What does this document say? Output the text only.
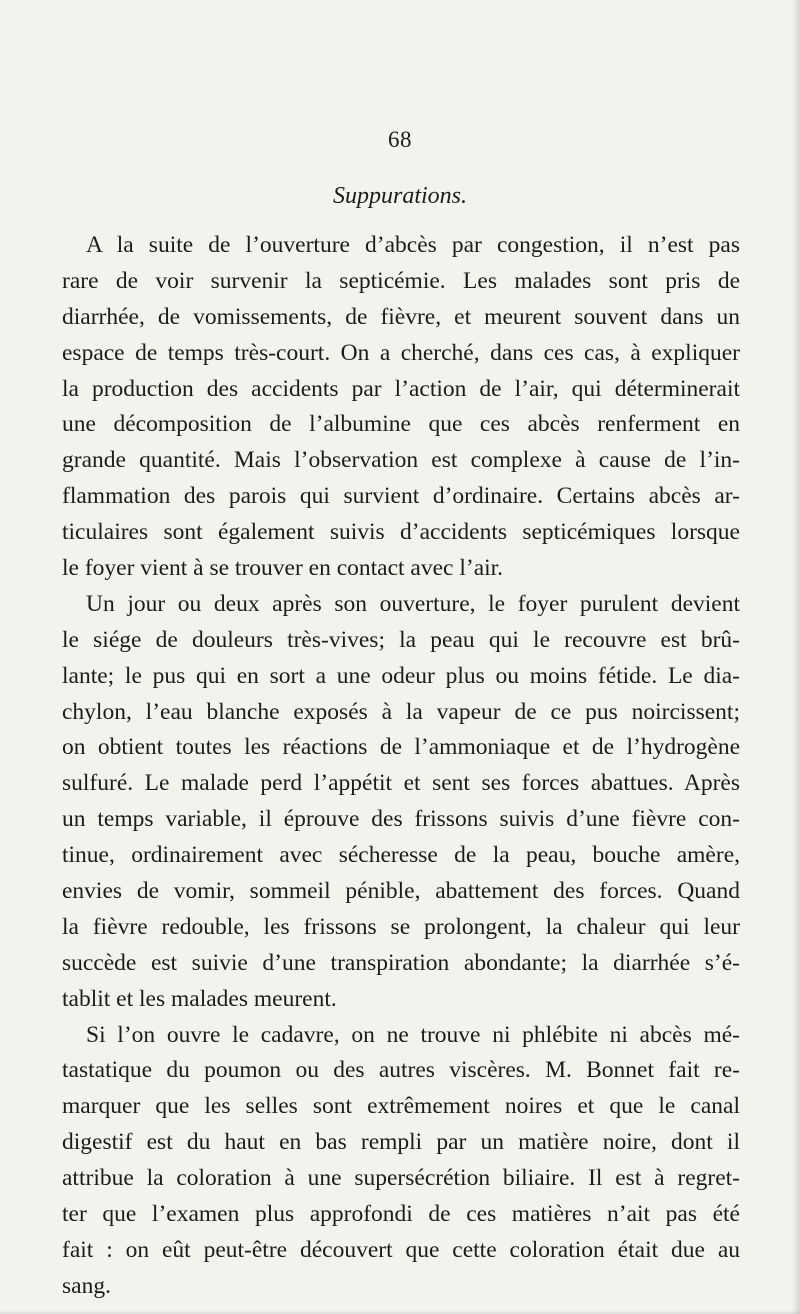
68
Suppurations.
A la suite de l’ouverture d’abcès par congestion, il n’est pas
rare de voir survenir la septicémie. Les malades sont pris de
diarrhée, de vomissements, de fièvre, et meurent souvent dans un
espace de temps très-court. On a cherché, dans ces cas, à expliquer
la production des accidents par l’action de l’air, qui déterminerait
une décomposition de l’albumine que ces abcès renferment en
grande quantité. Mais l’observation est complexe à cause de l’in-
flammation des parois qui survient d’ordinaire. Certains abcès ar-
ticulaires sont également suivis d’accidents septicémiques lorsque
le foyer vient à se trouver en contact avec l’air.
Un jour ou deux après son ouverture, le foyer purulent devient
le siége de douleurs très-vives; la peau qui le recouvre est brû-
lante; le pus qui en sort a une odeur plus ou moins fétide. Le dia-
chylon, l’eau blanche exposés à la vapeur de ce pus noircissent;
on obtient toutes les réactions de l’ammoniaque et de l’hydrogène
sulfuré. Le malade perd l’appétit et sent ses forces abattues. Après
un temps variable, il éprouve des frissons suivis d’une fièvre con-
tinue, ordinairement avec sécheresse de la peau, bouche amère,
envies de vomir, sommeil pénible, abattement des forces. Quand
la fièvre redouble, les frissons se prolongent, la chaleur qui leur
succède est suivie d’une transpiration abondante; la diarrhée s’é-
tablit et les malades meurent.
Si l’on ouvre le cadavre, on ne trouve ni phlébite ni abcès mé-
tastatique du poumon ou des autres viscères. M. Bonnet fait re-
marquer que les selles sont extrêmement noires et que le canal
digestif est du haut en bas rempli par un matière noire, dont il
attribue la coloration à une supersécrétion biliaire. Il est à regret-
ter que l’examen plus approfondi de ces matières n’ait pas été
fait : on eût peut-être découvert que cette coloration était due au
sang.
